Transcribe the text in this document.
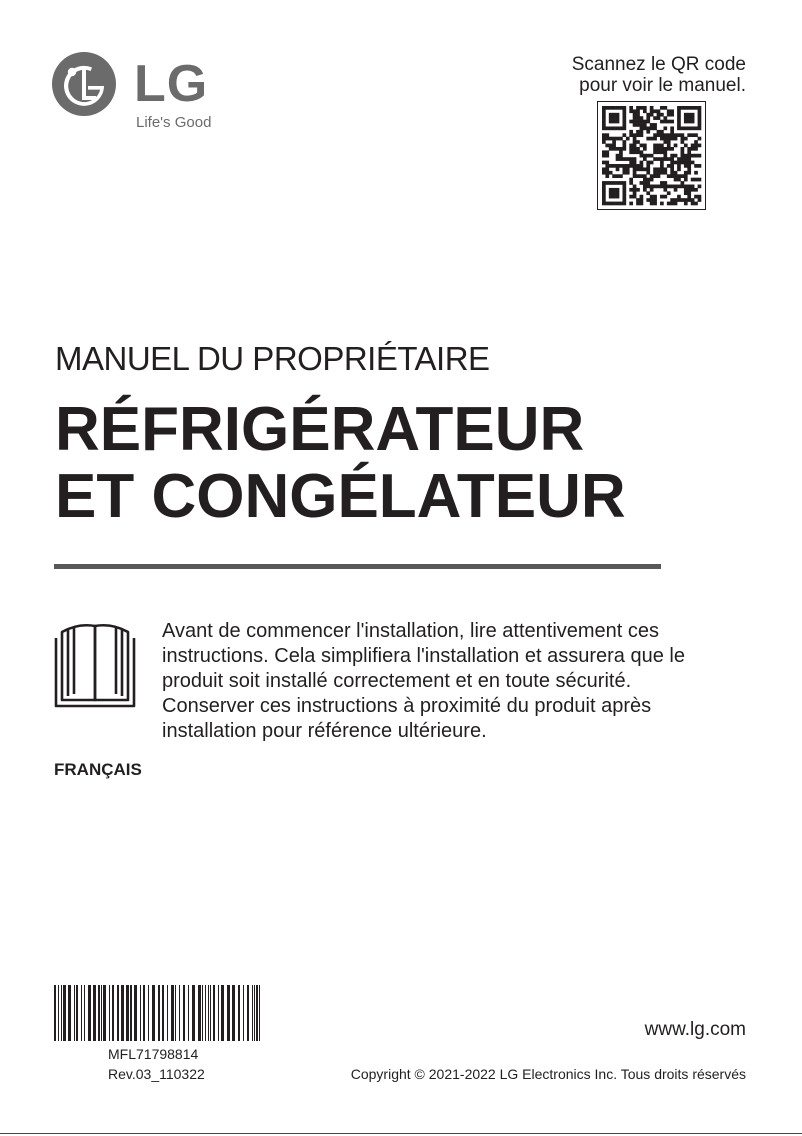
LG
Life's Good
Scannez le QR code
pour voir le manuel.
MANUEL DU PROPRIÉTAIRE
RÉFRIGÉRATEUR
ET CONGÉLATEUR
Avant de commencer l'installation, lire attentivement ces
instructions. Cela simplifiera l'installation et assurera que le
produit soit installé correctement et en toute sécurité.
Conserver ces instructions à proximité du produit après
installation pour référence ultérieure.
FRANÇAIS
MFL71798814
Rev.03_110322
www.lg.com
Copyright © 2021-2022 LG Electronics Inc. Tous droits réservés
